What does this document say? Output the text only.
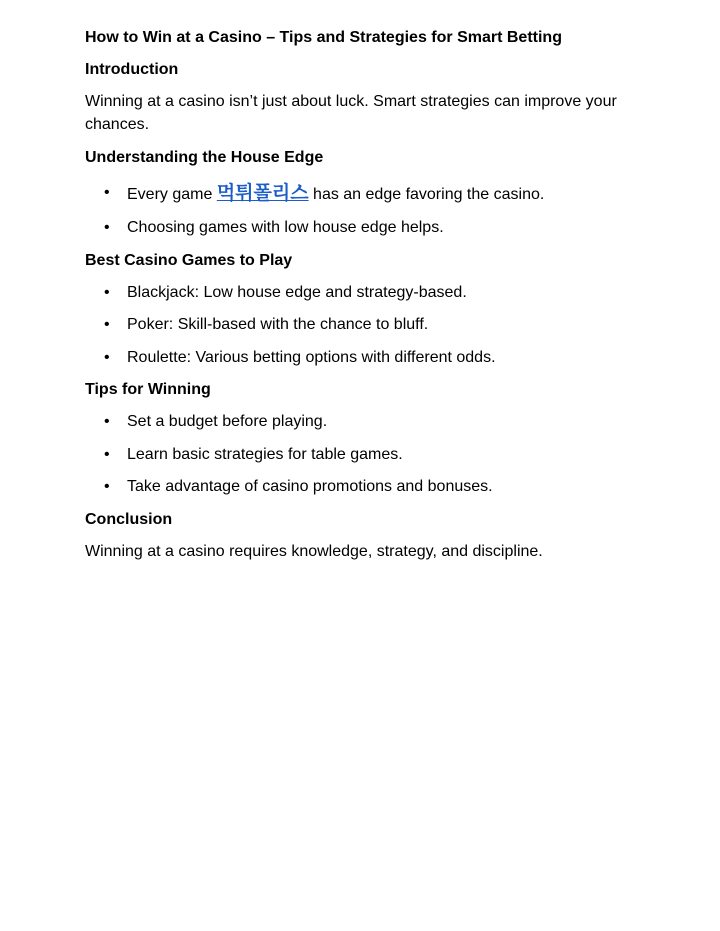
How to Win at a Casino – Tips and Strategies for Smart Betting
Introduction
Winning at a casino isn’t just about luck. Smart strategies can improve your chances.
Understanding the House Edge
• Every game 먹튀폴리스 has an edge favoring the casino.
• Choosing games with low house edge helps.
Best Casino Games to Play
• Blackjack: Low house edge and strategy-based.
• Poker: Skill-based with the chance to bluff.
• Roulette: Various betting options with different odds.
Tips for Winning
• Set a budget before playing.
• Learn basic strategies for table games.
• Take advantage of casino promotions and bonuses.
Conclusion
Winning at a casino requires knowledge, strategy, and discipline.
